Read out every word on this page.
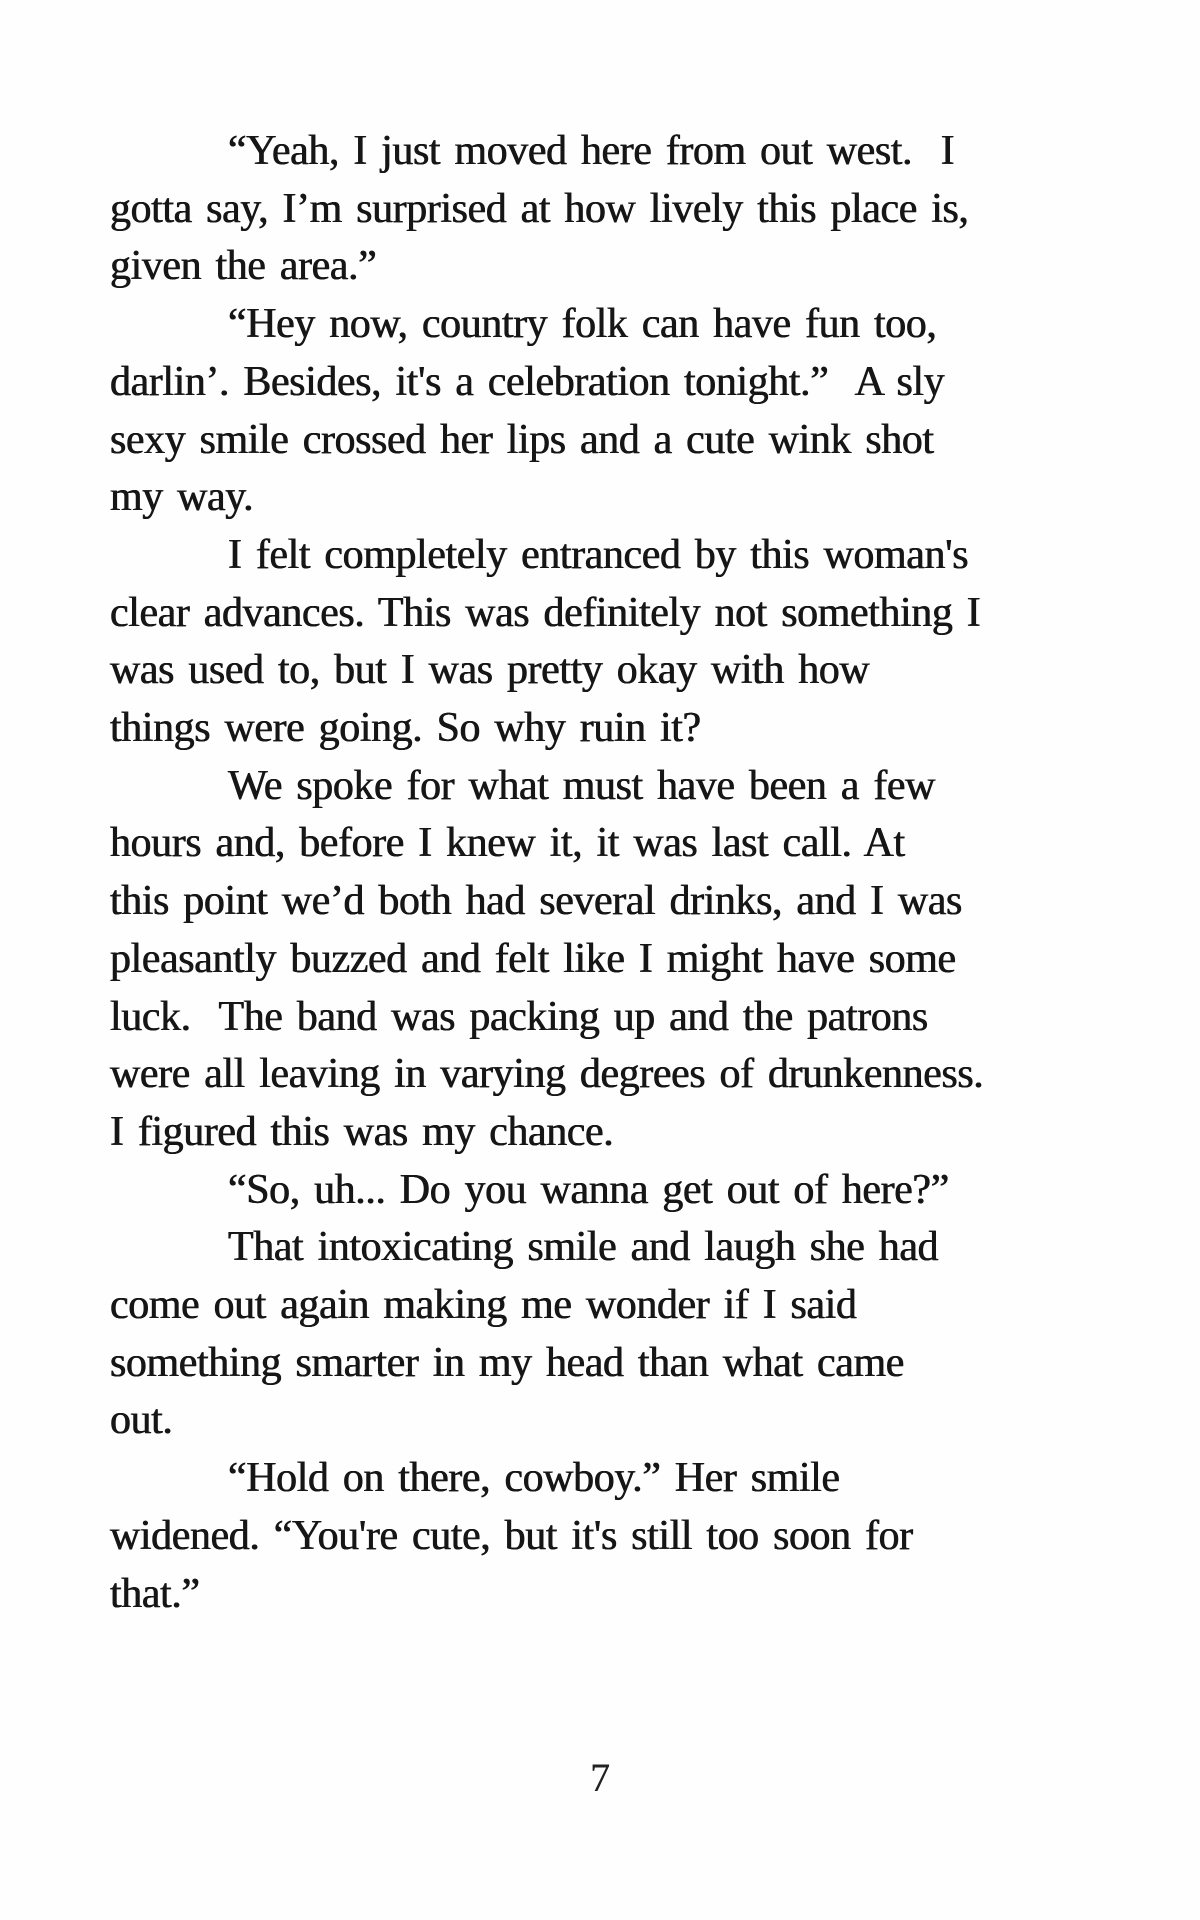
“Yeah, I just moved here from out west.  I
gotta say, I’m surprised at how lively this place is,
given the area.”
“Hey now, country folk can have fun too,
darlin’. Besides, it's a celebration tonight.”  A sly
sexy smile crossed her lips and a cute wink shot
my way.
I felt completely entranced by this woman's
clear advances. This was definitely not something I
was used to, but I was pretty okay with how
things were going. So why ruin it?
We spoke for what must have been a few
hours and, before I knew it, it was last call. At
this point we’d both had several drinks, and I was
pleasantly buzzed and felt like I might have some
luck.  The band was packing up and the patrons
were all leaving in varying degrees of drunkenness.
I figured this was my chance.
“So, uh... Do you wanna get out of here?”
That intoxicating smile and laugh she had
come out again making me wonder if I said
something smarter in my head than what came
out.
“Hold on there, cowboy.” Her smile
widened. “You're cute, but it's still too soon for
that.”
7
